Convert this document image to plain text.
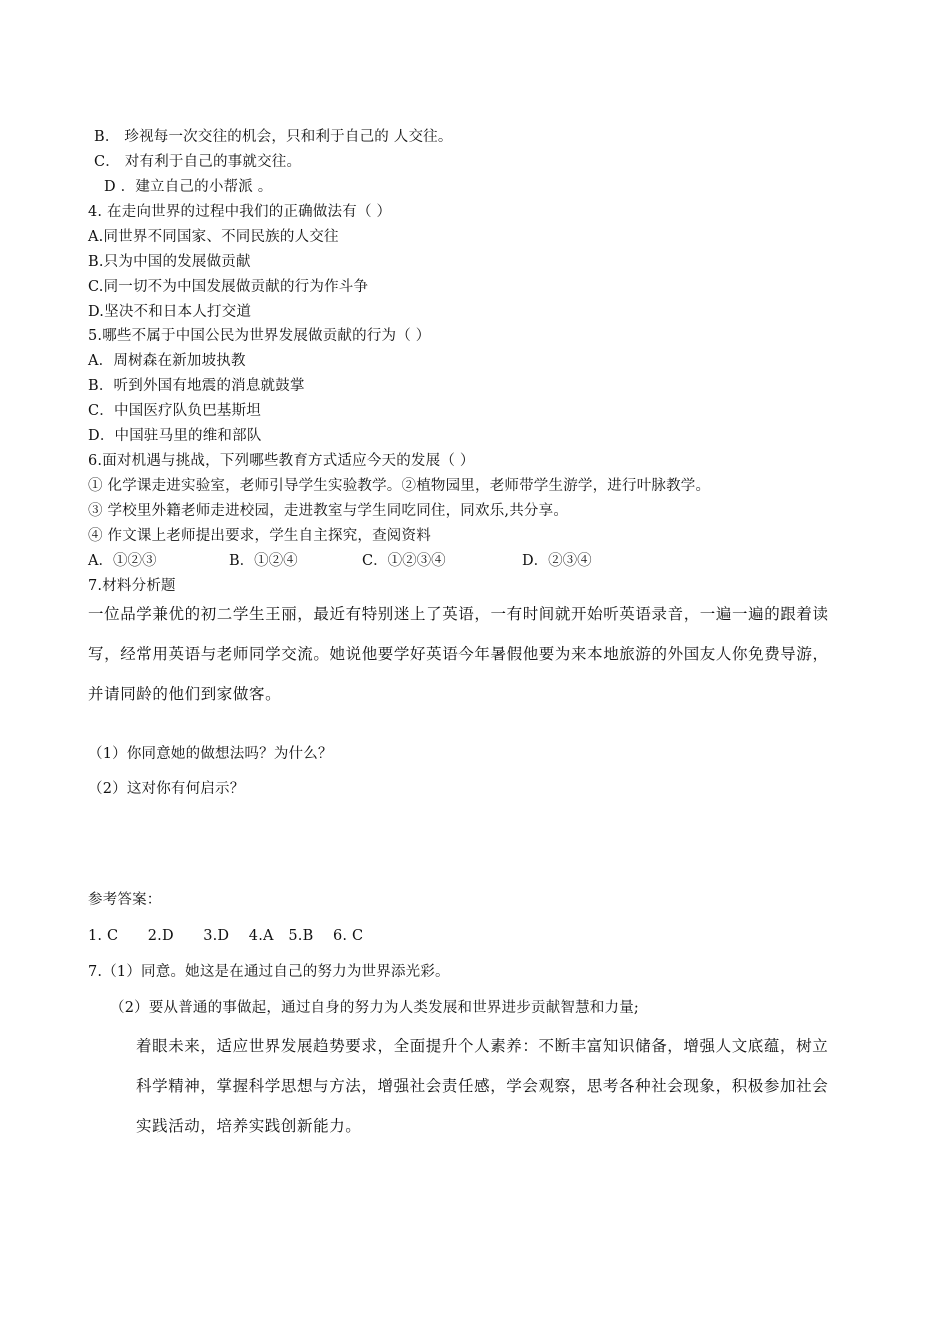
B． 珍视每一次交往的机会，只和利于自己的 人交往。
C． 对有利于自己的事就交往。
D ．建立自己的小帮派 。
4. 在走向世界的过程中我们的正确做法有（ ）
A.同世界不同国家、不同民族的人交往
B.只为中国的发展做贡献
C.同一切不为中国发展做贡献的行为作斗争
D.坚决不和日本人打交道
5.哪些不属于中国公民为世界发展做贡献的行为（ ）
A．周树森在新加坡执教
B．听到外国有地震的消息就鼓掌
C．中国医疗队负巴基斯坦
D．中国驻马里的维和部队
6.面对机遇与挑战，下列哪些教育方式适应今天的发展（ ）
① 化学课走进实验室，老师引导学生实验教学。②植物园里，老师带学生游学，进行叶脉教学。
③ 学校里外籍老师走进校园，走进教室与学生同吃同住，同欢乐,共分享。
④ 作文课上老师提出要求，学生自主探究，查阅资料
A．①②③	B．①②④	C．①②③④	D．②③④
7.材料分析题
一位品学兼优的初二学生王丽，最近有特别迷上了英语，一有时间就开始听英语录音，一遍一遍的跟着读
写，经常用英语与老师同学交流。她说他要学好英语今年暑假他要为来本地旅游的外国友人你免费导游，
并请同龄的他们到家做客。
（1）你同意她的做想法吗？为什么？
（2）这对你有何启示？
参考答案：
1. C　　2.D　　3.D　 4.A　5.B　 6. C
7.（1）同意。她这是在通过自己的努力为世界添光彩。
（2）要从普通的事做起，通过自身的努力为人类发展和世界进步贡献智慧和力量;
着眼未来，适应世界发展趋势要求，全面提升个人素养：不断丰富知识储备，增强人文底蕴，树立
科学精神，掌握科学思想与方法，增强社会责任感，学会观察，思考各种社会现象，积极参加社会
实践活动，培养实践创新能力。
